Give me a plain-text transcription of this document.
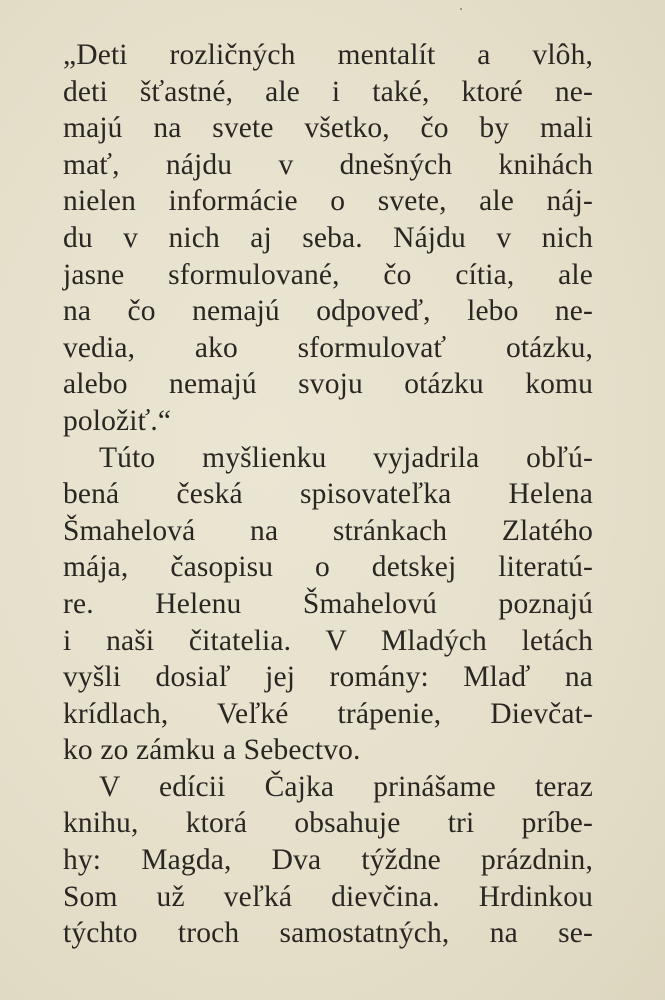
„Deti rozličných mentalít a vlôh,
deti šťastné, ale i také, ktoré ne-
majú na svete všetko, čo by mali
mať, nájdu v dnešných knihách
nielen informácie o svete, ale náj-
du v nich aj seba. Nájdu v nich
jasne sformulované, čo cítia, ale
na čo nemajú odpoveď, lebo ne-
vedia, ako sformulovať otázku,
alebo nemajú svoju otázku komu
položiť.“
Túto myšlienku vyjadrila obľú-
bená česká spisovateľka Helena
Šmahelová na stránkach Zlatého
mája, časopisu o detskej literatú-
re. Helenu Šmahelovú poznajú
i naši čitatelia. V Mladých letách
vyšli dosiaľ jej romány: Mlaď na
krídlach, Veľké trápenie, Dievčat-
ko zo zámku a Sebectvo.
V edícii Čajka prinášame teraz
knihu, ktorá obsahuje tri príbe-
hy: Magda, Dva týždne prázdnin,
Som už veľká dievčina. Hrdinkou
týchto troch samostatných, na se-
